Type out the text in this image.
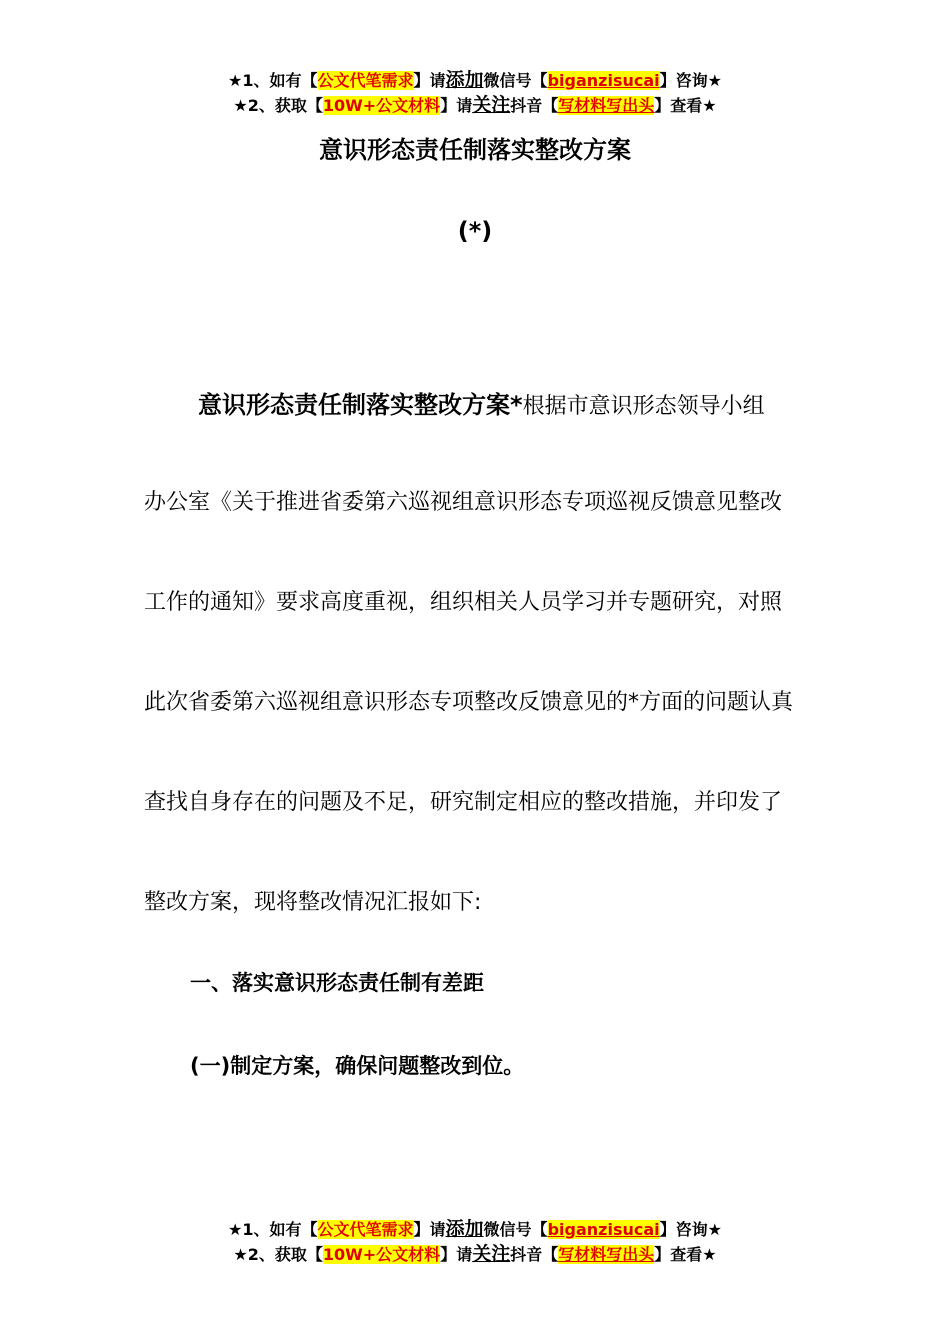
★1、如有【公文代笔需求】请添加微信号【biganzisucai】咨询★
★2、获取【10W+公文材料】请关注抖音【写材料写出头】查看★
意识形态责任制落实整改方案
(*)
意识形态责任制落实整改方案*根据市意识形态领导小组
办公室《关于推进省委第六巡视组意识形态专项巡视反馈意见整改
工作的通知》要求高度重视，组织相关人员学习并专题研究，对照
此次省委第六巡视组意识形态专项整改反馈意见的*方面的问题认真
查找自身存在的问题及不足，研究制定相应的整改措施，并印发了
整改方案，现将整改情况汇报如下:
一、落实意识形态责任制有差距
(一)制定方案，确保问题整改到位。
★1、如有【公文代笔需求】请添加微信号【biganzisucai】咨询★
★2、获取【10W+公文材料】请关注抖音【写材料写出头】查看★
